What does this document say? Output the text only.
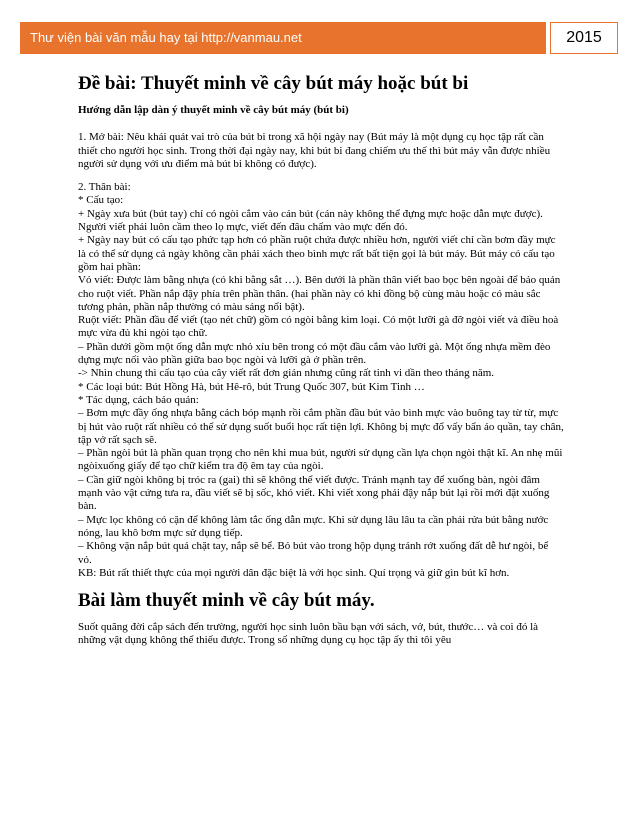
Thư viện bài văn mẫu hay tại http://vanmau.net	2015
Đề bài: Thuyết minh về cây bút máy hoặc bút bi

Hướng dẫn lập dàn ý thuyết minh về cây bút máy (bút bi)

1. Mở bài: Nêu khái quát vai trò của bút bi trong xã hội ngày nay (Bút máy là một dụng cụ học tập rất cần thiết cho người học sinh. Trong thời đại ngày nay, khi bút bi đang chiếm ưu thế thì bút máy vẫn được nhiều người sử dụng với ưu điểm mà bút bi không có được).

2. Thân bài:

* Cấu tạo:

+ Ngày xưa bút (bút tay) chỉ có ngòi cắm vào cán bút (cán này không thể đựng mực hoặc dẫn mực được). Người viết phải luôn cầm theo lọ mực, viết đến đâu chấm vào mực đến đó.

+ Ngày nay bút có cấu tạo phức tạp hơn có phần ruột chứa được nhiều hơn, người viết chỉ cần bơm đầy mực là có thể sử dụng cả ngày không cần phải xách theo bình mực rất bất tiện gọi là bút máy. Bút máy có cấu tạo gồm hai phần:

Vỏ viết: Được làm bằng nhựa (có khi bằng sắt …). Bên dưới là phần thân viết bao bọc bên ngoài để bảo quản cho ruột viết. Phần nắp đậy phía trên phần thân. (hai phần này có khi đồng bộ cùng màu hoặc có màu sắc tương phản, phần nắp thường có màu sáng nổi bật).

Ruột viết: Phần đầu để viết (tạo nét chữ) gồm có ngòi bằng kim loại. Có một lưỡi gà đỡ ngòi viết và điều hoà mực vừa đủ khi ngòi tạo chữ.

– Phần dưới gồm một ống dẫn mực nhỏ xíu bên trong có một đầu cắm vào lưỡi gà. Một ống nhựa mềm đèo dựng mực nối vào phần giữa bao bọc ngòi và lưỡi gà ở phần trên.

-> Nhìn chung thì cấu tạo của cây viết rất đơn giản nhưng cũng rất tinh vi dần theo tháng năm.

* Các loại bút: Bút Hồng Hà, bút Hê-rô, bút Trung Quốc 307, bút Kim Tinh …

* Tác dụng, cách bảo quản:

– Bơm mực đầy ống nhựa bằng cách bóp mạnh rồi cắm phần đầu bút vào bình mực vào buông tay từ từ, mực bị hút vào ruột rất nhiều có thể sử dụng suốt buổi học rất tiện lợi. Không bị mực đổ vấy bẩn áo quần, tay chân, tập vở rất sạch sẽ.

– Phần ngòi bút là phần quan trọng cho nên khi mua bút, người sử dụng cần lựa chọn ngòi thật kĩ. An nhẹ mũi ngòixuống giấy để tạo chữ kiểm tra độ êm tay của ngòi.

– Cần giữ ngòi không bị tróc ra (gai) thì sẽ không thể viết được. Tránh mạnh tay để xuống bàn, ngòi đâm mạnh vào vật cứng tưa ra, đầu viết sẽ bị sốc, khó viết. Khi viết xong phải đậy nắp bút lại rồi mới đặt xuống bàn.

– Mực lọc không có cặn để không làm tắc ống dẫn mực. Khi sử dụng lâu lâu ta cần phải rửa bút bằng nước nóng, lau khô bơm mực sử dụng tiếp.

– Không vặn nắp bút quá chặt tay, nắp sẽ bể. Bỏ bút vào trong hộp dụng tránh rớt xuống đất dễ hư ngòi, bể vỏ.

KB: Bút rất thiết thực của mọi người dân đặc biệt là với học sinh. Quí trọng và giữ gìn bút kĩ hơn.

Bài làm thuyết minh về cây bút máy.

Suốt quãng đời cắp sách đến trường, người học sinh luôn bầu bạn với sách, vở, bút, thước… và coi đó là những vật dụng không thể thiếu được. Trong số những dụng cụ học tập ấy thì tôi yêu
